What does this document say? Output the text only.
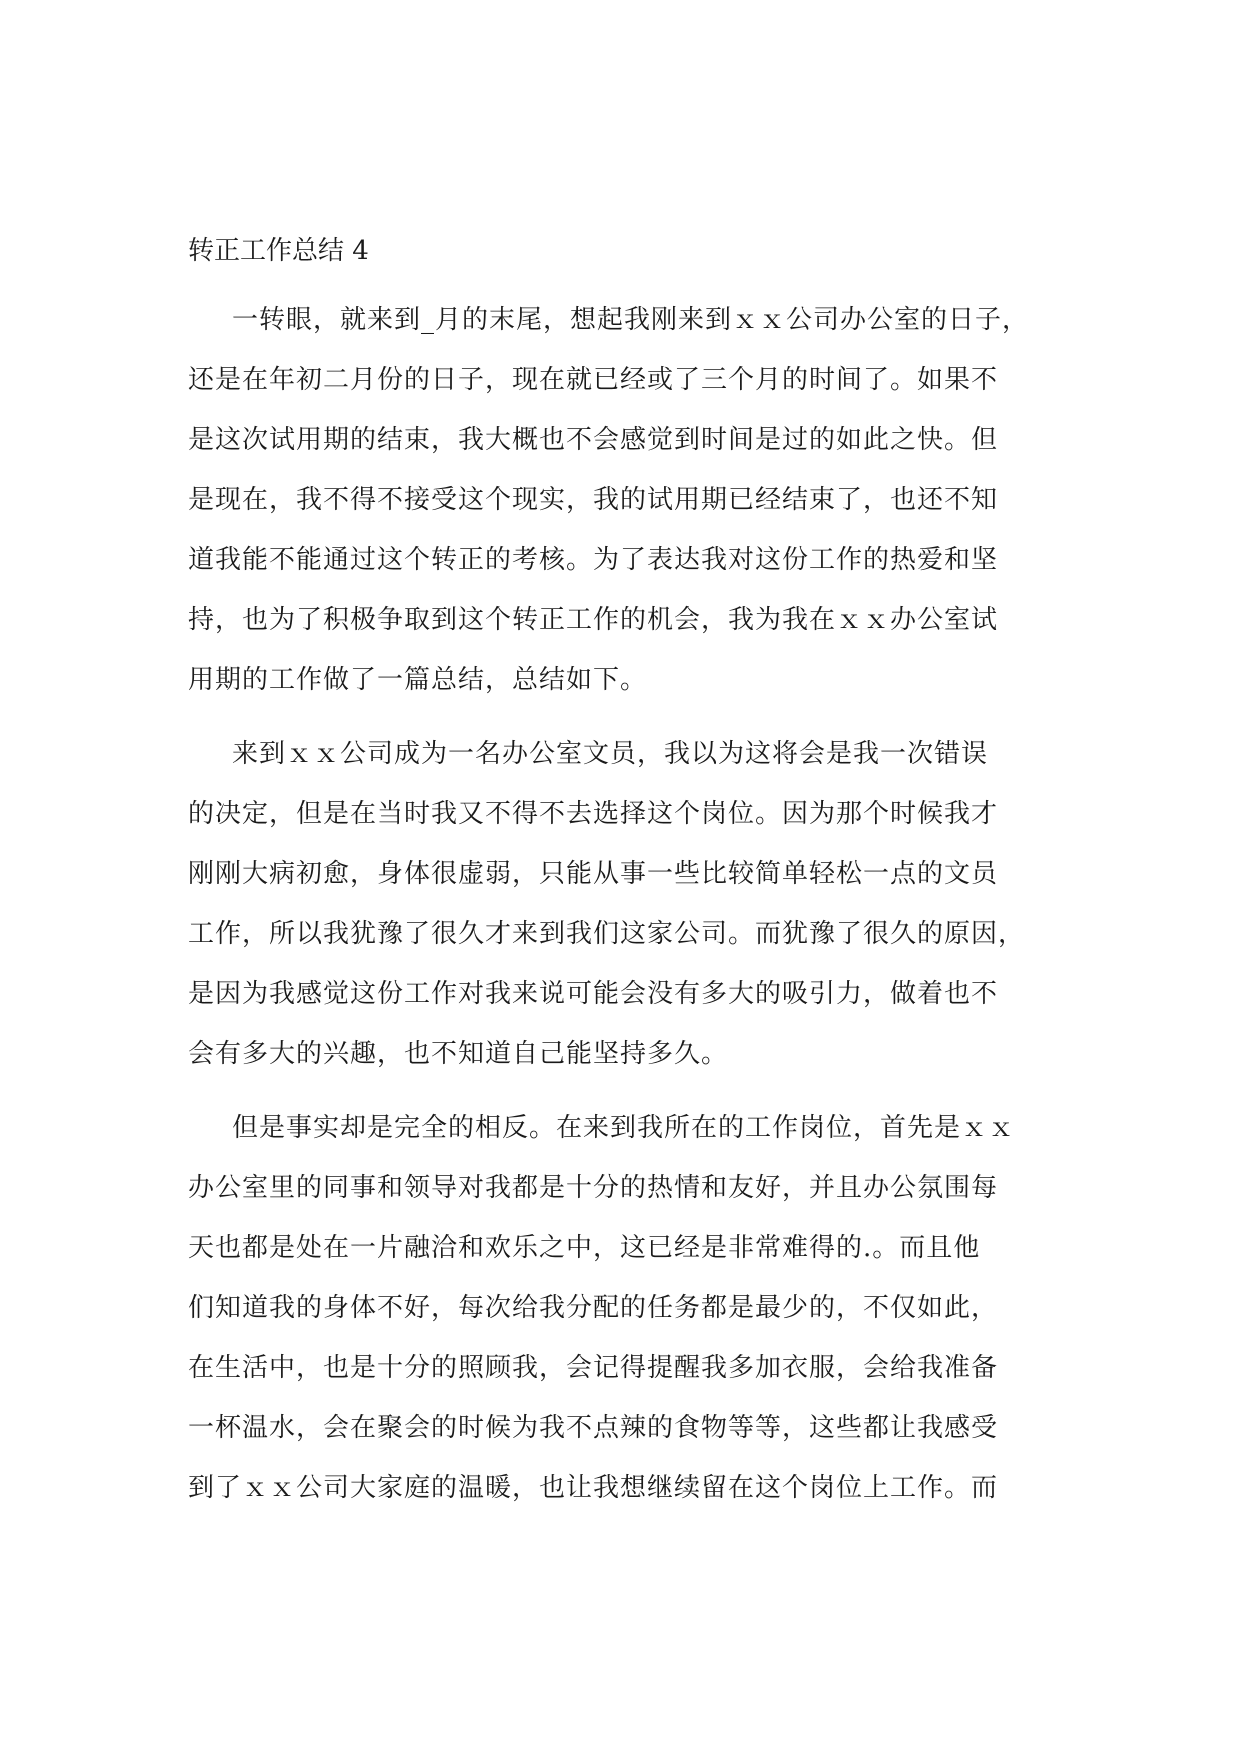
转正工作总结 4
一转眼，就来到_月的末尾，想起我刚来到ｘｘ公司办公室的日子，
还是在年初二月份的日子，现在就已经或了三个月的时间了。如果不
是这次试用期的结束，我大概也不会感觉到时间是过的如此之快。但
是现在，我不得不接受这个现实，我的试用期已经结束了，也还不知
道我能不能通过这个转正的考核。为了表达我对这份工作的热爱和坚
持，也为了积极争取到这个转正工作的机会，我为我在ｘｘ办公室试
用期的工作做了一篇总结，总结如下。
来到ｘｘ公司成为一名办公室文员，我以为这将会是我一次错误
的决定，但是在当时我又不得不去选择这个岗位。因为那个时候我才
刚刚大病初愈，身体很虚弱，只能从事一些比较简单轻松一点的文员
工作，所以我犹豫了很久才来到我们这家公司。而犹豫了很久的原因，
是因为我感觉这份工作对我来说可能会没有多大的吸引力，做着也不
会有多大的兴趣，也不知道自己能坚持多久。
但是事实却是完全的相反。在来到我所在的工作岗位，首先是ｘｘ
办公室里的同事和领导对我都是十分的热情和友好，并且办公氛围每
天也都是处在一片融洽和欢乐之中，这已经是非常难得的.。而且他
们知道我的身体不好，每次给我分配的任务都是最少的，不仅如此，
在生活中，也是十分的照顾我，会记得提醒我多加衣服，会给我准备
一杯温水，会在聚会的时候为我不点辣的食物等等，这些都让我感受
到了ｘｘ公司大家庭的温暖，也让我想继续留在这个岗位上工作。而
